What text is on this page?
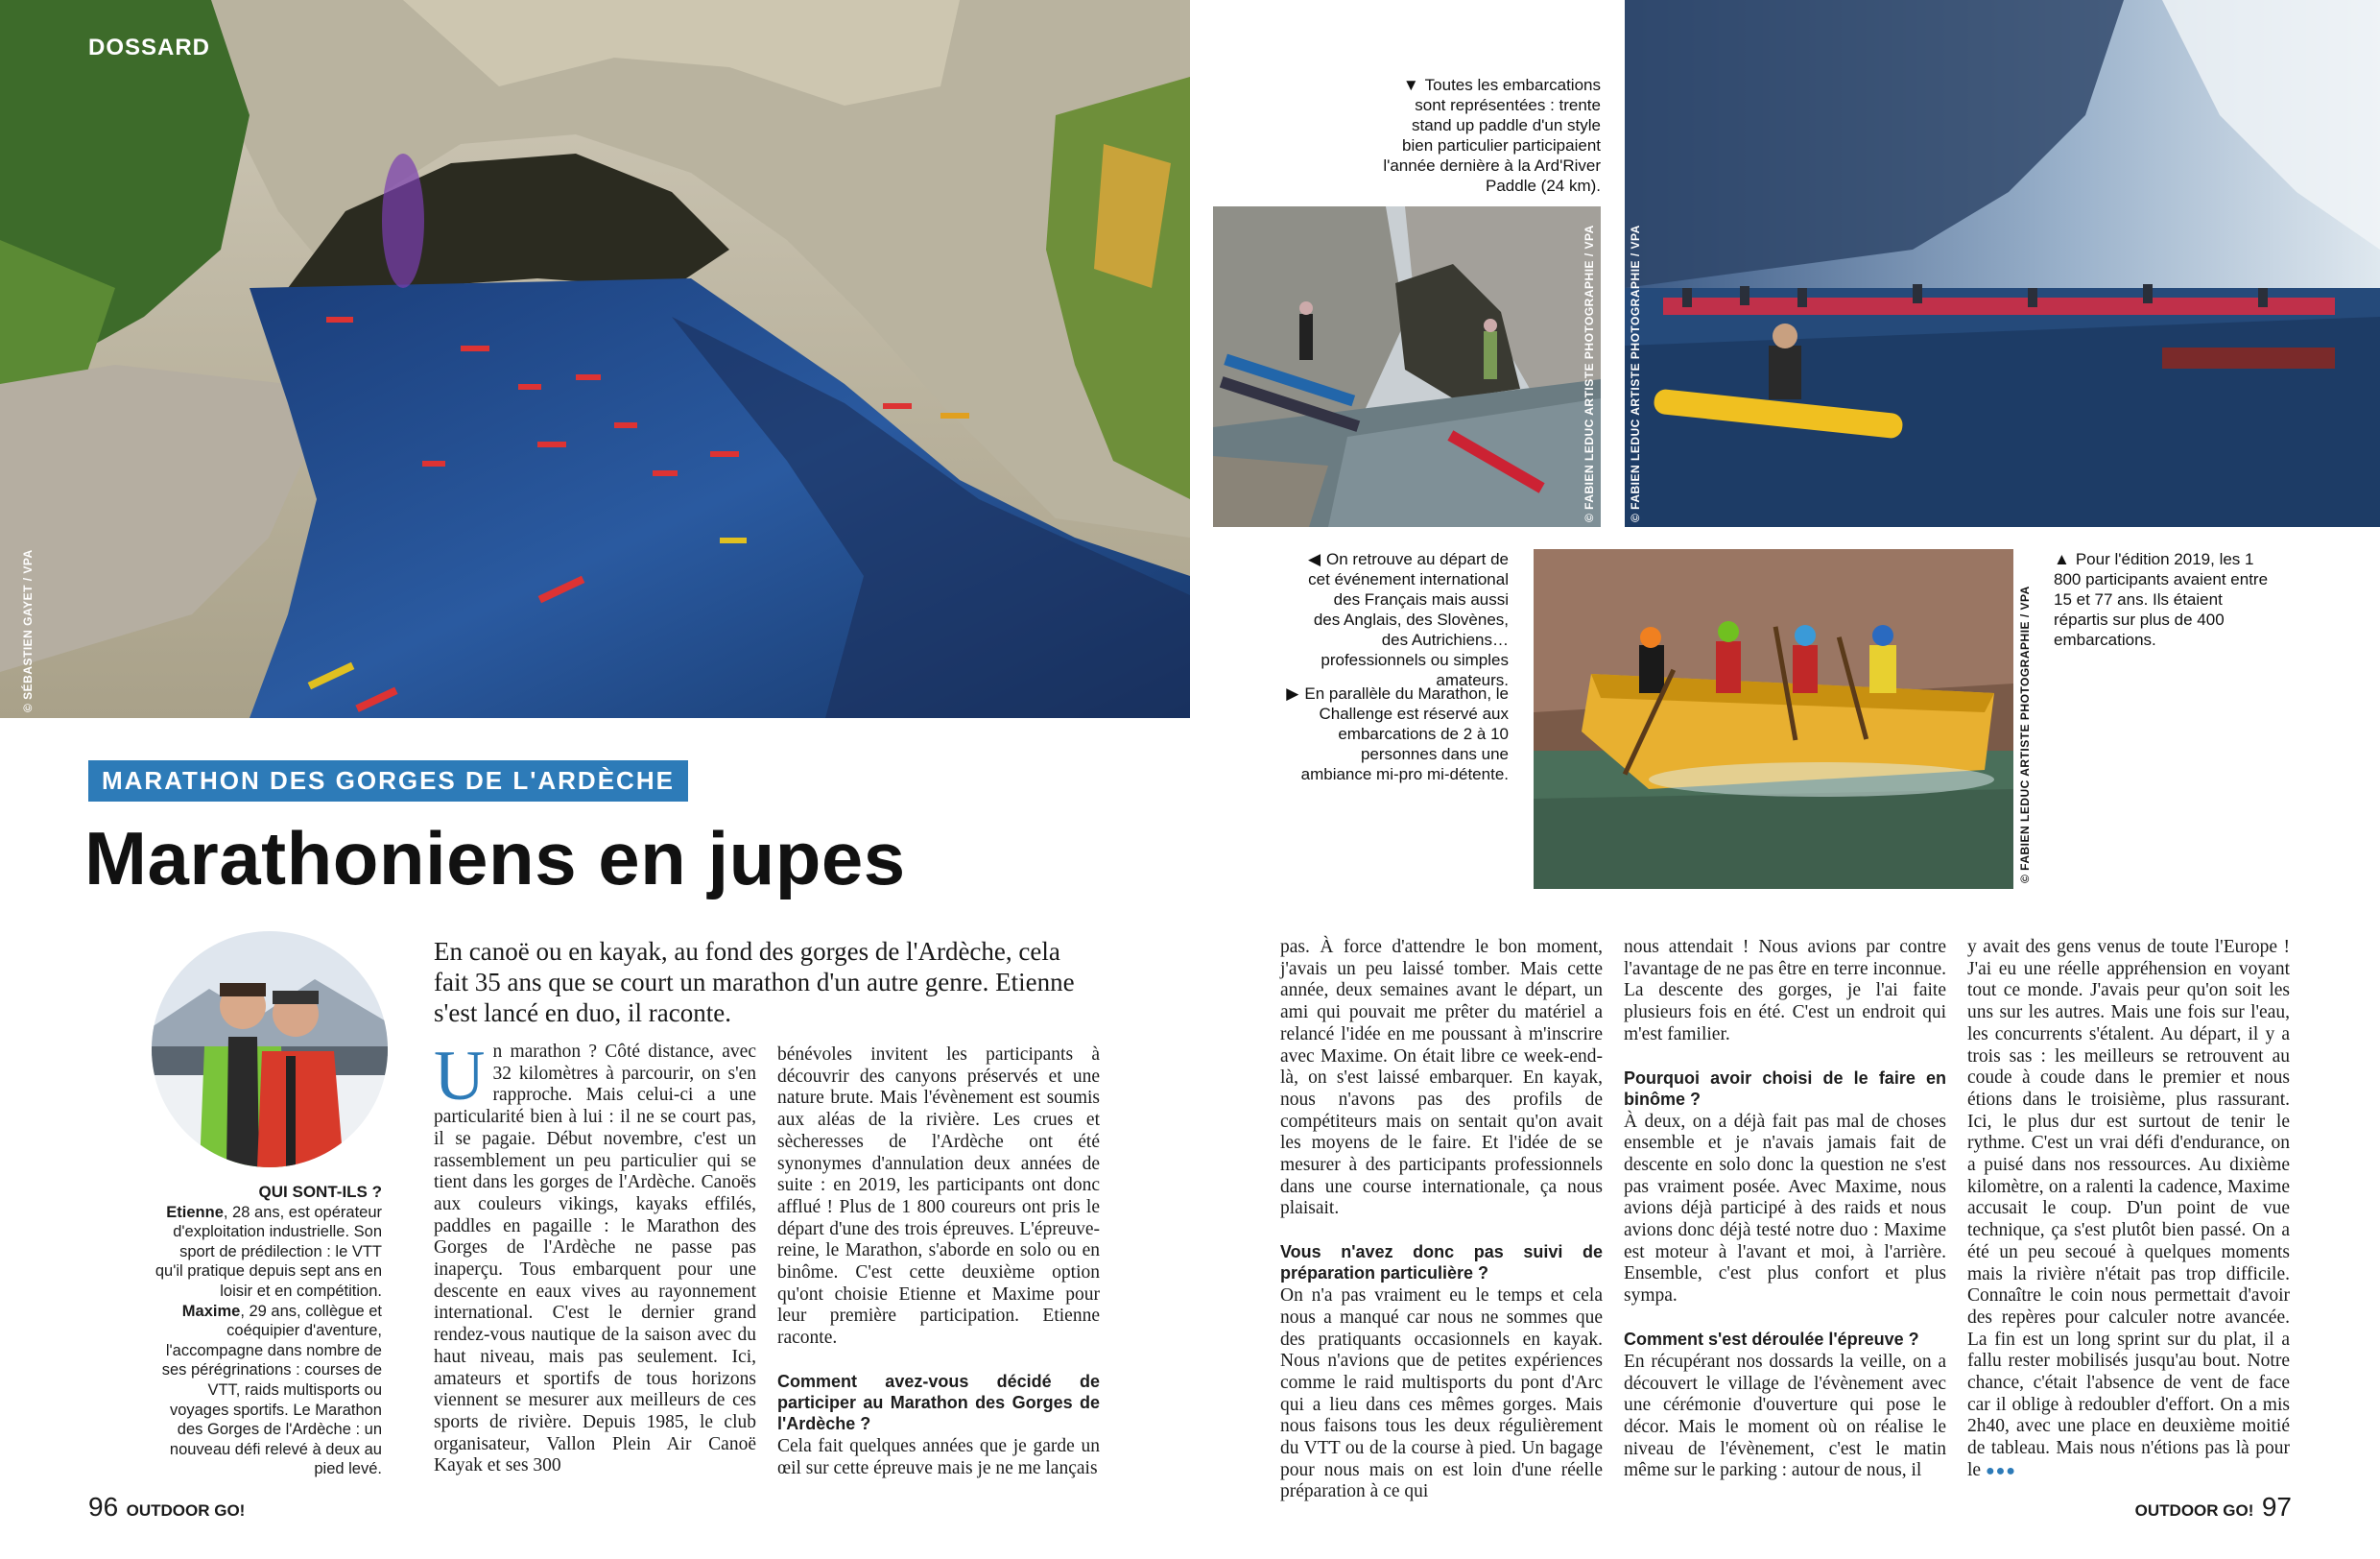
DOSSARD
© SÉBASTIEN GAYET / VPA
MARATHON DES GORGES DE L'ARDÈCHE
Marathoniens en jupes
QUI SONT-ILS ?
Etienne, 28 ans, est opérateur d'exploitation industrielle. Son sport de prédilection : le VTT qu'il pratique depuis sept ans en loisir et en compétition. Maxime, 29 ans, collègue et coéquipier d'aventure, l'accompagne dans nombre de ses pérégrinations : courses de VTT, raids multisports ou voyages sportifs. Le Marathon des Gorges de l'Ardèche : un nouveau défi relevé à deux au pied levé.
En canoë ou en kayak, au fond des gorges de l'Ardèche, cela fait 35 ans que se court un marathon d'un autre genre. Etienne s'est lancé en duo, il raconte.
Un marathon ? Côté distance, avec 32 kilomètres à parcourir, on s'en rapproche. Mais celui-ci a une particularité bien à lui : il ne se court pas, il se pagaie. Début novembre, c'est un rassemblement un peu particulier qui se tient dans les gorges de l'Ardèche. Canoës aux couleurs vikings, kayaks effilés, paddles en pagaille : le Marathon des Gorges de l'Ardèche ne passe pas inaperçu. Tous embarquent pour une descente en eaux vives au rayonnement international. C'est le dernier grand rendez-vous nautique de la saison avec du haut niveau, mais pas seulement. Ici, amateurs et sportifs de tous horizons viennent se mesurer aux meilleurs de ces sports de rivière. Depuis 1985, le club organisateur, Vallon Plein Air Canoë Kayak et ses 300

bénévoles invitent les participants à découvrir des canyons préservés et une nature brute. Mais l'évènement est soumis aux aléas de la rivière. Les crues et sècheresses de l'Ardèche ont été synonymes d'annulation deux années de suite : en 2019, les participants ont donc afflué ! Plus de 1 800 coureurs ont pris le départ d'une des trois épreuves. L'épreuve-reine, le Marathon, s'aborde en solo ou en binôme. C'est cette deuxième option qu'ont choisie Etienne et Maxime pour leur première participation. Etienne raconte.

Comment avez-vous décidé de participer au Marathon des Gorges de l'Ardèche ?

Cela fait quelques années que je garde un œil sur cette épreuve mais je ne me lançais

96 OUTDOOR GO!
▼ Toutes les embarcations sont représentées : trente stand up paddle d'un style bien particulier participaient l'année dernière à la Ard'River Paddle (24 km).
© FABIEN LEDUC ARTISTE PHOTOGRAPHIE / VPA	© FABIEN LEDUC ARTISTE PHOTOGRAPHIE / VPA
◀ On retrouve au départ de cet événement international des Français mais aussi des Anglais, des Slovènes, des Autrichiens… professionnels ou simples amateurs.
▶ En parallèle du Marathon, le Challenge est réservé aux embarcations de 2 à 10 personnes dans une ambiance mi-pro mi-détente.	© FABIEN LEDUC ARTISTE PHOTOGRAPHIE / VPA
▲ Pour l'édition 2019, les 1 800 participants avaient entre 15 et 77 ans. Ils étaient répartis sur plus de 400 embarcations.

pas. À force d'attendre le bon moment, j'avais un peu laissé tomber. Mais cette année, deux semaines avant le départ, un ami qui pouvait me prêter du matériel a relancé l'idée en me poussant à m'inscrire avec Maxime. On était libre ce week-end-là, on s'est laissé embarquer. En kayak, nous n'avons pas des profils de compétiteurs mais on sentait qu'on avait les moyens de le faire. Et l'idée de se mesurer à des participants professionnels dans une course internationale, ça nous plaisait.

Vous n'avez donc pas suivi de préparation particulière ?

On n'a pas vraiment eu le temps et cela nous a manqué car nous ne sommes que des pratiquants occasionnels en kayak. Nous n'avions que de petites expériences comme le raid multisports du pont d'Arc qui a lieu dans ces mêmes gorges. Mais nous faisons tous les deux régulièrement du VTT ou de la course à pied. Un bagage pour nous mais on est loin d'une réelle préparation à ce qui

nous attendait ! Nous avions par contre l'avantage de ne pas être en terre inconnue. La descente des gorges, je l'ai faite plusieurs fois en été. C'est un endroit qui m'est familier.

Pourquoi avoir choisi de le faire en binôme ?

À deux, on a déjà fait pas mal de choses ensemble et je n'avais jamais fait de descente en solo donc la question ne s'est pas vraiment posée. Avec Maxime, nous avions déjà participé à des raids et nous avions donc déjà testé notre duo : Maxime est moteur à l'avant et moi, à l'arrière. Ensemble, c'est plus confort et plus sympa.

Comment s'est déroulée l'épreuve ?

En récupérant nos dossards la veille, on a découvert le village de l'évènement avec une cérémonie d'ouverture qui pose le décor. Mais le moment où on réalise le niveau de l'évènement, c'est le matin même sur le parking : autour de nous, il

y avait des gens venus de toute l'Europe ! J'ai eu une réelle appréhension en voyant tout ce monde. J'avais peur qu'on soit les uns sur les autres. Mais une fois sur l'eau, les concurrents s'étalent. Au départ, il y a trois sas : les meilleurs se retrouvent au coude à coude dans le premier et nous étions dans le troisième, plus rassurant. Ici, le plus dur est surtout de tenir le rythme. C'est un vrai défi d'endurance, on a puisé dans nos ressources. Au dixième kilomètre, on a ralenti la cadence, Maxime accusait le coup. D'un point de vue technique, ça s'est plutôt bien passé. On a été un peu secoué à quelques moments mais la rivière n'était pas trop difficile. Connaître le coin nous permettait d'avoir des repères pour calculer notre avancée. La fin est un long sprint sur du plat, il a fallu rester mobilisés jusqu'au bout. Notre chance, c'était l'absence de vent de face car il oblige à redoubler d'effort. On a mis 2h40, avec une place en deuxième moitié de tableau. Mais nous n'étions pas là pour le ●●●

OUTDOOR GO! 97
